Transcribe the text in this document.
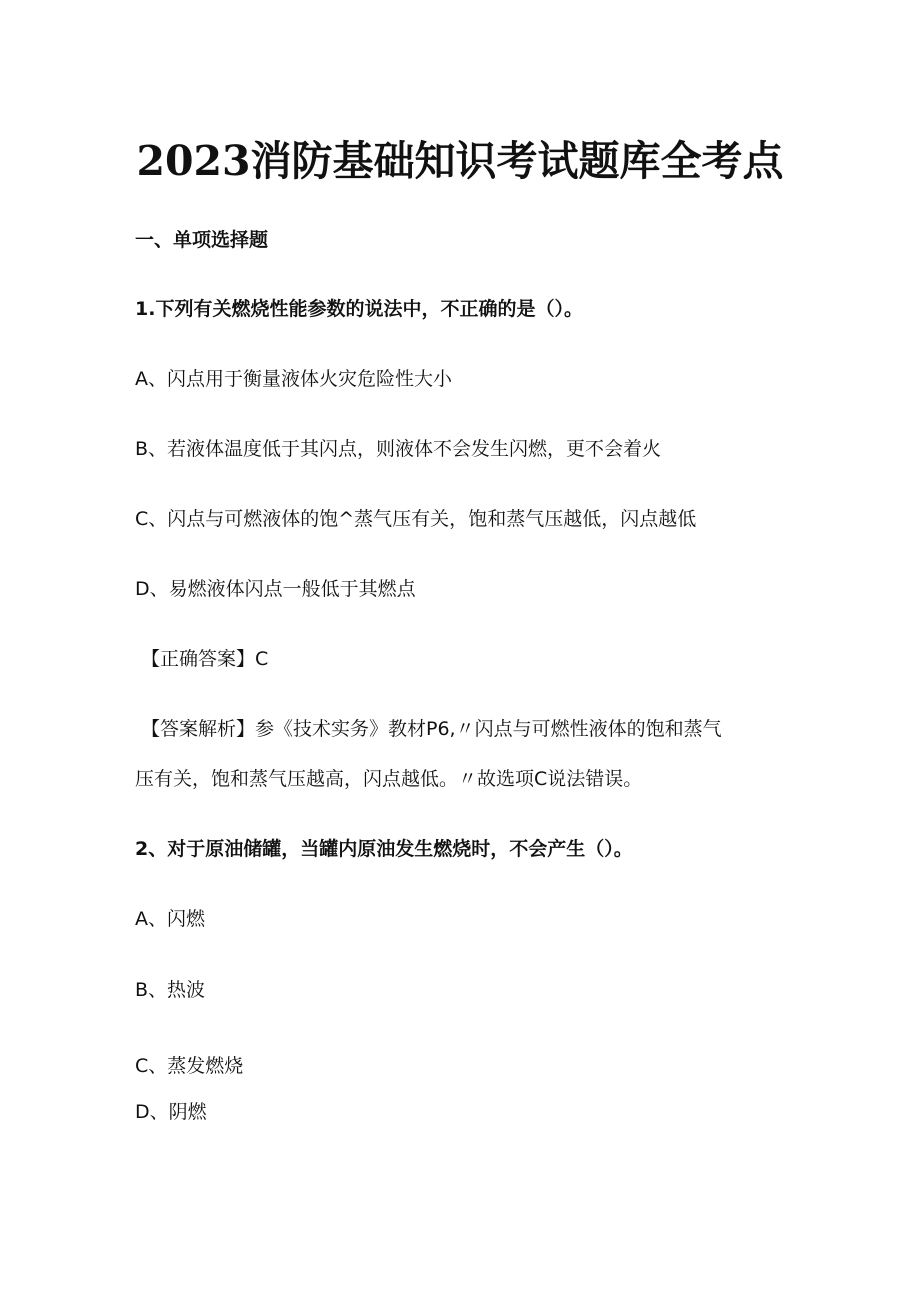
2023消防基础知识考试题库全考点
一、单项选择题
1.下列有关燃烧性能参数的说法中，不正确的是（）。
A、闪点用于衡量液体火灾危险性大小
B、若液体温度低于其闪点，则液体不会发生闪燃，更不会着火
C、闪点与可燃液体的饱^蒸气压有关，饱和蒸气压越低，闪点越低
D、易燃液体闪点一般低于其燃点
【正确答案】C
【答案解析】参《技术实务》教材P6,〃闪点与可燃性液体的饱和蒸气
压有关，饱和蒸气压越高，闪点越低。〃故选项C说法错误。
2、对于原油储罐，当罐内原油发生燃烧时，不会产生（）。
A、闪燃
B、热波
C、蒸发燃烧
D、阴燃
